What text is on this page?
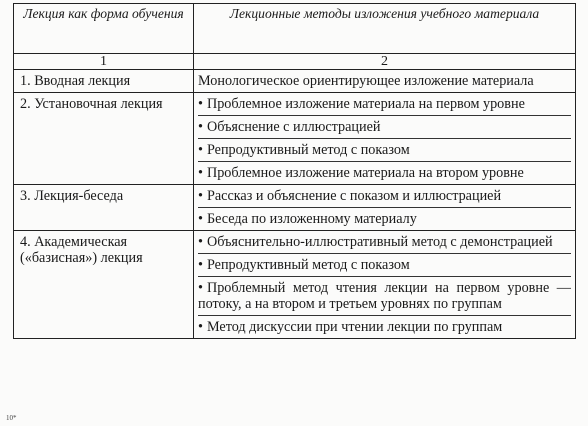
Лекция как форма обучения	Лекционные методы изложения учебного материала

1	2
1. Вводная лекция	Монологическое ориентирующее изложение материала

2. Установочная лекция	• Проблемное изложение материала на первом уровне
• Объяснение с иллюстрацией
• Репродуктивный метод с показом
• Проблемное изложение материала на втором уровне

3. Лекция-беседа	• Рассказ и объяснение с показом и иллюстрацией
• Беседа по изложенному материалу

4. Академическая («базисная») лекция	• Объяснительно-иллюстративный метод с демонстрацией
• Репродуктивный метод с показом
• Проблемный метод чтения лекции на первом уровне — потоку, а на втором и третьем уровнях по группам
• Метод дискуссии при чтении лекции по группам
10*
